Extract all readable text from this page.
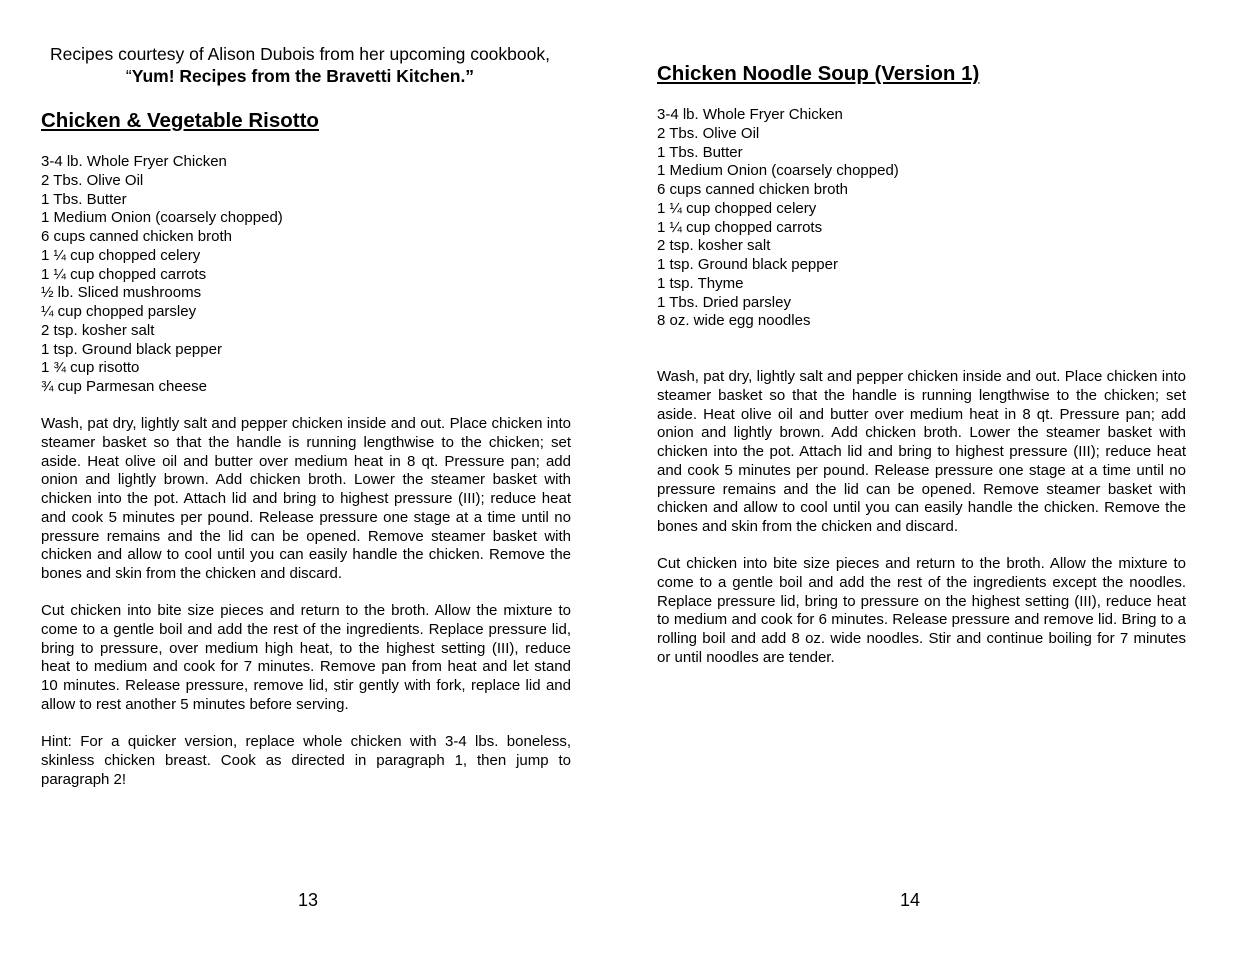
Recipes courtesy of Alison Dubois from her upcoming cookbook,
“Yum! Recipes from the Bravetti Kitchen.”
Chicken & Vegetable Risotto
3-4 lb. Whole Fryer Chicken
2 Tbs. Olive Oil
1 Tbs. Butter
1 Medium Onion (coarsely chopped)
6 cups canned chicken broth
1 ¼ cup chopped celery
1 ¼ cup chopped carrots
½ lb. Sliced mushrooms
¼ cup chopped parsley
2 tsp. kosher salt
1 tsp. Ground black pepper
1 ¾ cup risotto
¾ cup Parmesan cheese

Wash, pat dry, lightly salt and pepper chicken inside and out. Place chicken into steamer basket so that the handle is running lengthwise to the chicken; set aside. Heat olive oil and butter over medium heat in 8 qt. Pressure pan; add onion and lightly brown. Add chicken broth. Lower the steamer basket with chicken into the pot. Attach lid and bring to highest pressure (III); reduce heat and cook 5 minutes per pound. Release pressure one stage at a time until no pressure remains and the lid can be opened. Remove steamer basket with chicken and allow to cool until you can easily handle the chicken. Remove the bones and skin from the chicken and discard.

Cut chicken into bite size pieces and return to the broth. Allow the mixture to come to a gentle boil and add the rest of the ingredients. Replace pressure lid, bring to pressure, over medium high heat, to the highest setting (III), reduce heat to medium and cook for 7 minutes. Remove pan from heat and let stand 10 minutes. Release pressure, remove lid, stir gently with fork, replace lid and allow to rest another 5 minutes before serving.

Hint: For a quicker version, replace whole chicken with 3-4 lbs. boneless, skinless chicken breast. Cook as directed in paragraph 1, then jump to paragraph 2!

13
Chicken Noodle Soup (Version 1)
3-4 lb. Whole Fryer Chicken
2 Tbs. Olive Oil
1 Tbs. Butter
1 Medium Onion (coarsely chopped)
6 cups canned chicken broth
1 ¼ cup chopped celery
1 ¼ cup chopped carrots
2 tsp. kosher salt
1 tsp. Ground black pepper
1 tsp. Thyme
1 Tbs. Dried parsley
8 oz. wide egg noodles

Wash, pat dry, lightly salt and pepper chicken inside and out. Place chicken into steamer basket so that the handle is running lengthwise to the chicken; set aside. Heat olive oil and butter over medium heat in 8 qt. Pressure pan; add onion and lightly brown. Add chicken broth. Lower the steamer basket with chicken into the pot. Attach lid and bring to highest pressure (III); reduce heat and cook 5 minutes per pound. Release pressure one stage at a time until no pressure remains and the lid can be opened. Remove steamer basket with chicken and allow to cool until you can easily handle the chicken. Remove the bones and skin from the chicken and discard.

Cut chicken into bite size pieces and return to the broth. Allow the mixture to come to a gentle boil and add the rest of the ingredients except the noodles. Replace pressure lid, bring to pressure on the highest setting (III), reduce heat to medium and cook for 6 minutes. Release pressure and remove lid. Bring to a rolling boil and add 8 oz. wide noodles. Stir and continue boiling for 7 minutes or until noodles are tender.

14
